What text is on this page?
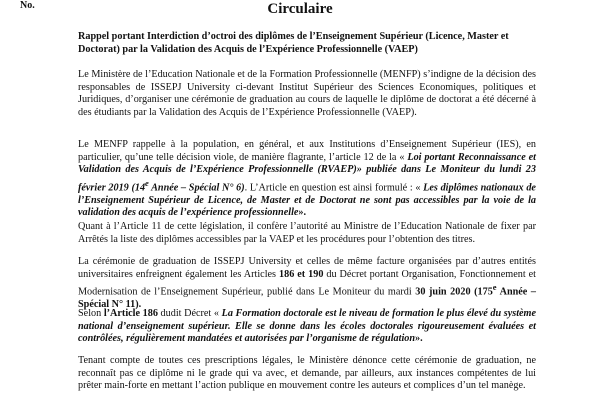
No.	Circulaire
Rappel portant Interdiction d’octroi des diplômes de l’Enseignement Supérieur (Licence, Master et Doctorat) par la Validation des Acquis de l’Expérience Professionnelle (VAEP)
Le Ministère de l’Education Nationale et de la Formation Professionnelle (MENFP) s’indigne de la décision des responsables de ISSEPJ University ci-devant Institut Supérieur des Sciences Economiques, politiques et Juridiques, d’organiser une cérémonie de graduation au cours de laquelle le diplôme de doctorat a été décerné à des étudiants par la Validation des Acquis de l’Expérience Professionnelle (VAEP).
Le MENFP rappelle à la population, en général, et aux Institutions d’Enseignement Supérieur (IES), en particulier, qu’une telle décision viole, de manière flagrante, l’article 12 de la « Loi portant Reconnaissance et Validation des Acquis de l’Expérience Professionnelle (RVAEP)» publiée dans Le Moniteur du lundi 23 février 2019 (14e Année – Spécial N° 6). L’Article en question est ainsi formulé : « Les diplômes nationaux de l’Enseignement Supérieur de Licence, de Master et de Doctorat ne sont pas accessibles par la voie de la validation des acquis de l’expérience professionnelle».
Quant à l’Article 11 de cette législation, il confère l’autorité au Ministre de l’Education Nationale de fixer par Arrêtés la liste des diplômes accessibles par la VAEP et les procédures pour l’obtention des titres.
La cérémonie de graduation de ISSEPJ University et celles de même facture organisées par d’autres entités universitaires enfreignent également les Articles 186 et 190 du Décret portant Organisation, Fonctionnement et Modernisation de l’Enseignement Supérieur, publié dans Le Moniteur du mardi 30 juin 2020 (175e Année – Spécial N° 11).
Selon l’Article 186 dudit Décret « La Formation doctorale est le niveau de formation le plus élevé du système national d’enseignement supérieur. Elle se donne dans les écoles doctorales rigoureusement évaluées et contrôlées, régulièrement mandatées et autorisées par l’organisme de régulation».
Tenant compte de toutes ces prescriptions légales, le Ministère dénonce cette cérémonie de graduation, ne reconnaît pas ce diplôme ni le grade qui va avec, et demande, par ailleurs, aux instances compétentes de lui prêter main-forte en mettant l’action publique en mouvement contre les auteurs et complices d’un tel manège.
